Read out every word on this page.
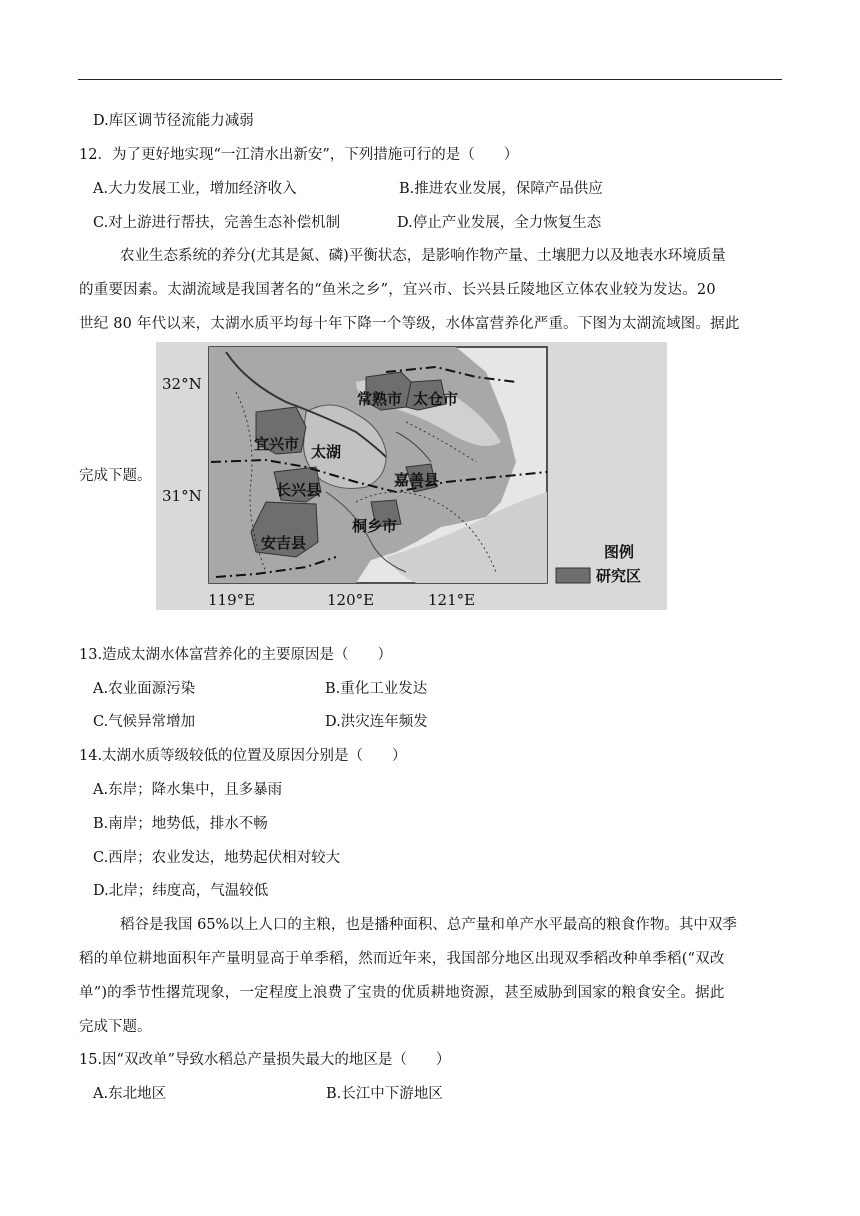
D.库区调节径流能力减弱
12．为了更好地实现“一江清水出新安”，下列措施可行的是（　　）
A.大力发展工业，增加经济收入	B.推进农业发展，保障产品供应
C.对上游进行帮扶，完善生态补偿机制	D.停止产业发展，全力恢复生态
农业生态系统的养分(尤其是氮、磷)平衡状态，是影响作物产量、土壤肥力以及地表水环境质量
的重要因素。太湖流域是我国著名的“鱼米之乡”，宜兴市、长兴县丘陵地区立体农业较为发达。20
世纪 80 年代以来，太湖水质平均每十年下降一个等级，水体富营养化严重。下图为太湖流域图。据此
完成下题。
常熟市 太仓市
宜兴市 太湖
长兴县
嘉善县
桐乡市
安吉县
32°N
31°N
119°E	120°E	121°E
图例
研究区
13.造成太湖水体富营养化的主要原因是（　　）
A.农业面源污染	B.重化工业发达
C.气候异常增加	D.洪灾连年频发
14.太湖水质等级较低的位置及原因分别是（　　）
A.东岸；降水集中，且多暴雨
B.南岸；地势低，排水不畅
C.西岸；农业发达，地势起伏相对较大
D.北岸；纬度高，气温较低
稻谷是我国 65%以上人口的主粮，也是播种面积、总产量和单产水平最高的粮食作物。其中双季
稻的单位耕地面积年产量明显高于单季稻，然而近年来，我国部分地区出现双季稻改种单季稻(“双改
单”)的季节性撂荒现象，一定程度上浪费了宝贵的优质耕地资源，甚至威胁到国家的粮食安全。据此
完成下题。
15.因“双改单”导致水稻总产量损失最大的地区是（　　）
A.东北地区	B.长江中下游地区
